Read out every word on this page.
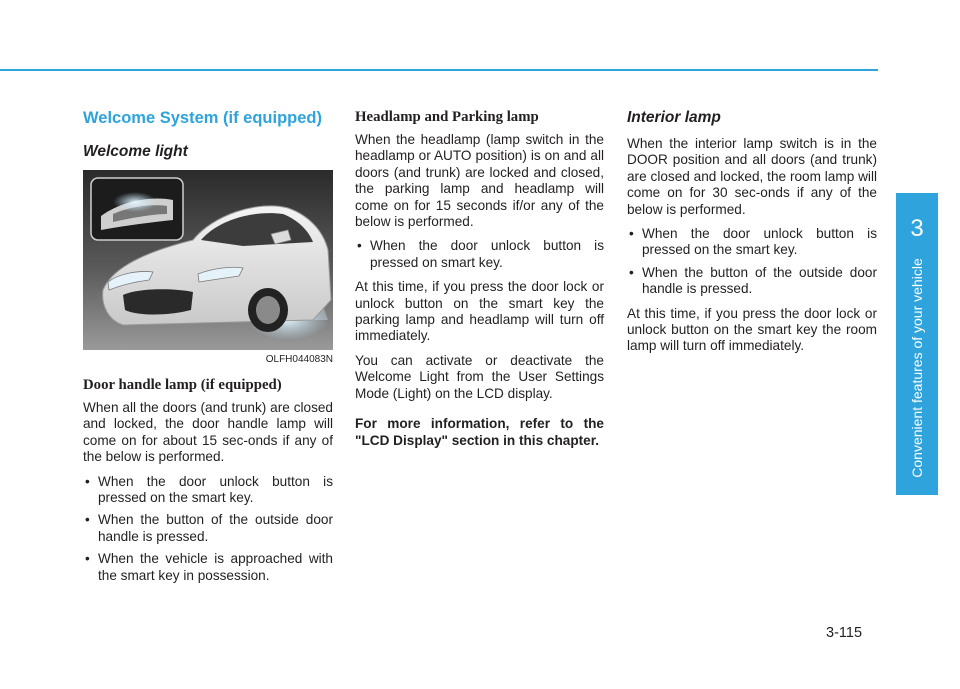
Welcome System (if equipped)
Welcome light
OLFH044083N
Door handle lamp (if equipped)

When all the doors (and trunk) are closed and locked, the door handle lamp will come on for about 15 sec-onds if any of the below is performed.

• When the door unlock button is pressed on the smart key.
• When the button of the outside door handle is pressed.
• When the vehicle is approached with the smart key in possession.
Headlamp and Parking lamp

When the headlamp (lamp switch in the headlamp or AUTO position) is on and all doors (and trunk) are locked and closed, the parking lamp and headlamp will come on for 15 seconds if/or any of the below is performed.

• When the door unlock button is pressed on smart key.

At this time, if you press the door lock or unlock button on the smart key the parking lamp and headlamp will turn off immediately.

You can activate or deactivate the Welcome Light from the User Settings Mode (Light) on the LCD display.

For more information, refer to the "LCD Display" section in this chapter.

Interior lamp

When the interior lamp switch is in the DOOR position and all doors (and trunk) are closed and locked, the room lamp will come on for 30 sec-onds if any of the below is performed.

• When the door unlock button is pressed on the smart key.
• When the button of the outside door handle is pressed.

At this time, if you press the door lock or unlock button on the smart key the room lamp will turn off immediately.

3
Convenient features of your vehicle
3-115
